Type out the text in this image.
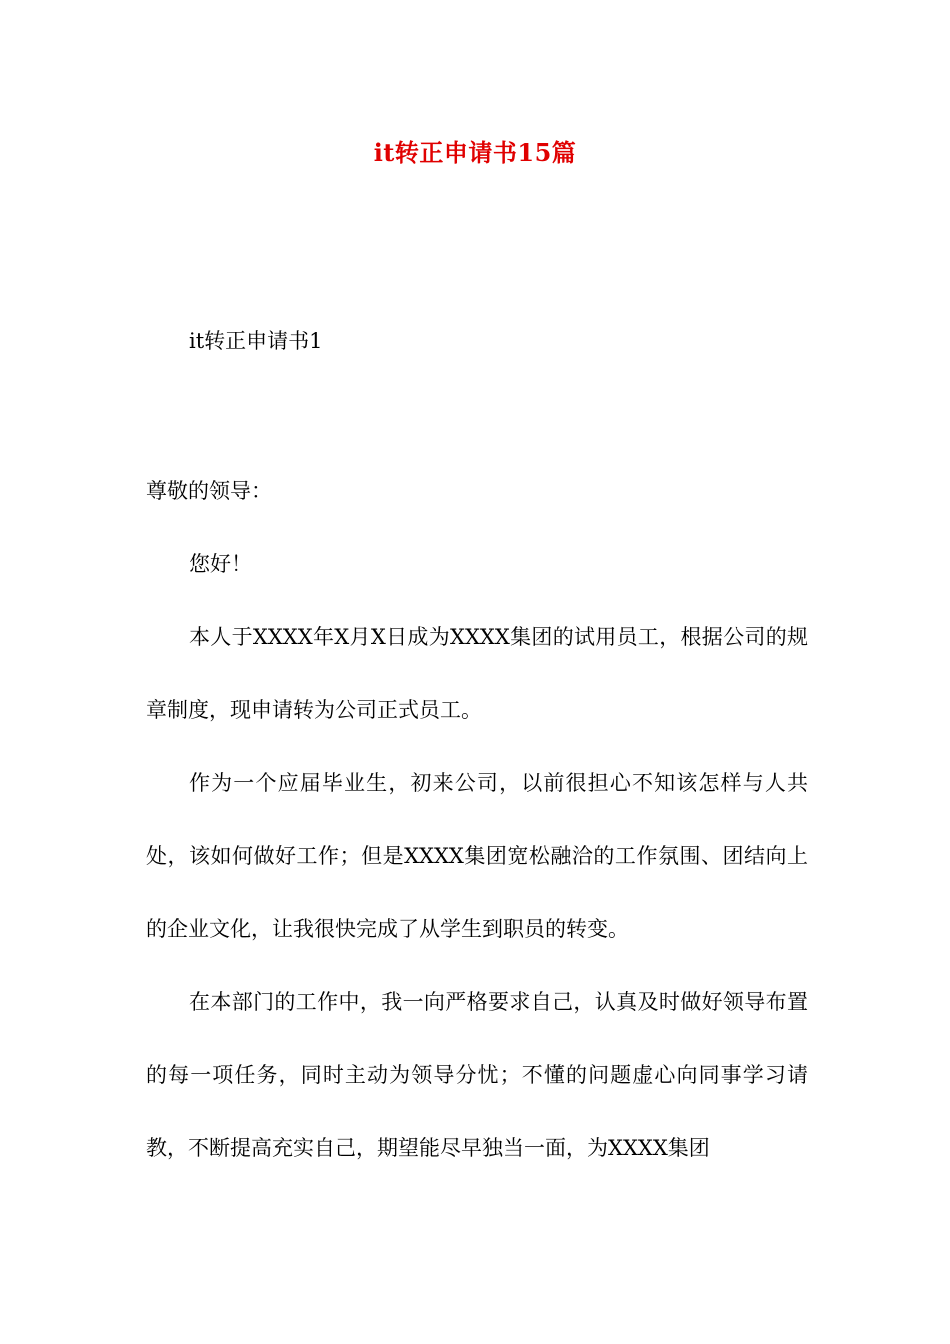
it转正申请书15篇

it转正申请书1

尊敬的领导：

您好！

本人于XXXX年X月X日成为XXXX集团的试用员工，根据公司的规章制度，现申请转为公司正式员工。

作为一个应届毕业生，初来公司，以前很担心不知该怎样与人共处，该如何做好工作；但是XXXX集团宽松融洽的工作氛围、团结向上的企业文化，让我很快完成了从学生到职员的转变。

在本部门的工作中，我一向严格要求自己，认真及时做好领导布置的每一项任务，同时主动为领导分忧；不懂的问题虚心向同事学习请教，不断提高充实自己，期望能尽早独当一面，为XXXX集团
